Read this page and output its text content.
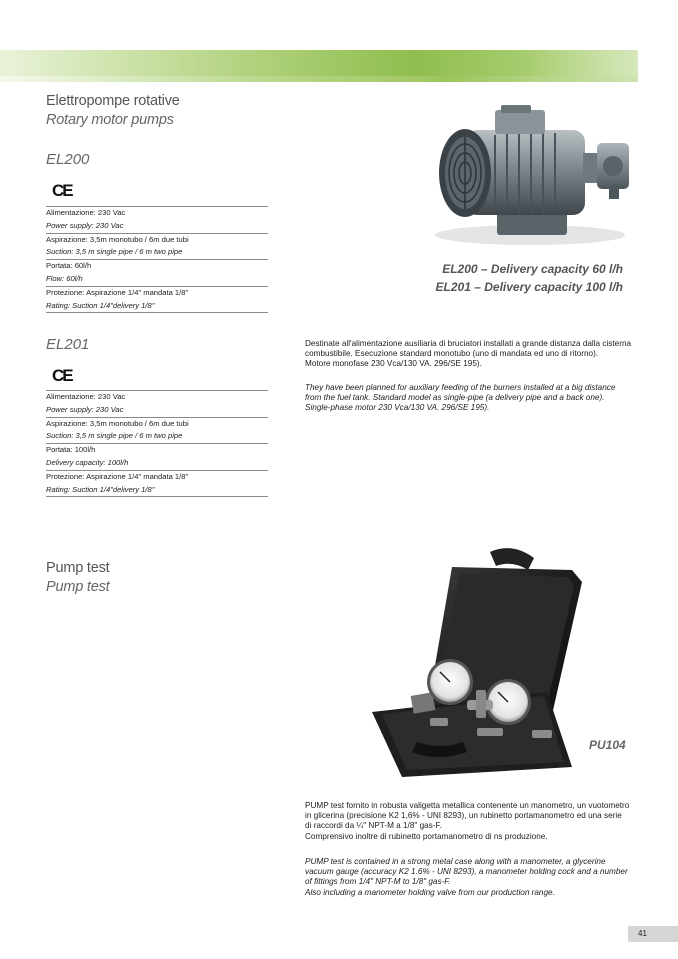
Elettropompe rotative
Rotary motor pumps
EL200
CE
Alimentazione: 230 Vac
Power supply: 230 Vac
Aspirazione: 3,5m monotubo / 6m due tubi
Suction: 3,5 m single pipe / 6 m two pipe
Portata: 60l/h
Flow: 60l/h
Protezione: Aspirazione 1/4" mandata 1/8"
Rating: Suction 1/4"delivery 1/8"
EL200 – Delivery capacity 60 l/h
EL201 – Delivery capacity 100 l/h
EL201
CE
Alimentazione: 230 Vac
Power supply: 230 Vac
Aspirazione: 3,5m monotubo / 6m due tubi
Suction: 3,5 m single pipe / 6 m two pipe
Portata: 100l/h
Delivery capacity: 100l/h
Protezione: Aspirazione 1/4" mandata 1/8"
Rating: Suction 1/4"delivery 1/8"
Destinate all'alimentazione ausiliaria di bruciatori installati a grande distanza dalla cisterna
combustibile. Esecuzione standard monotubo (uno di mandata ed uno di ritorno).
Motore monofase 230 Vca/130 VA. 296/SE 195).
They have been planned for auxiliary feeding of the burners installed at a big distance
from the fuel tank. Standard model as single-pipe (a delivery pipe and a back one).
Single-phase motor 230 Vca/130 VA. 296/SE 195).
Pump test
Pump test
PU104
PUMP test fornito in robusta valigetta metallica contenente un manometro, un vuotometro
in glicerina (precisione K2 1,6% - UNI 8293), un rubinetto portamanometro ed una serie
di raccordi da ¼" NPT-M a 1/8" gas-F.
Comprensivo inoltre di rubinetto portamanometro di ns produzione.
PUMP test is contained in a strong metal case along with a manometer, a glycerine
vacuum gauge (accuracy K2 1.6% - UNI 8293), a manometer holding cock and a number
of fittings from 1/4" NPT-M to 1/8" gas-F.
Also including a manometer holding valve from our production range.
41
